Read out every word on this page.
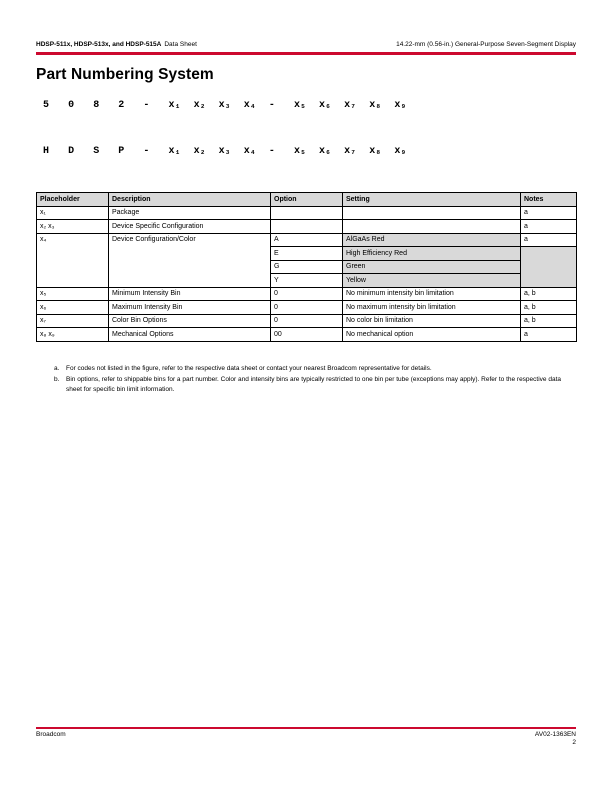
HDSP-511x, HDSP-513x, and HDSP-515A Data Sheet	14.22-mm (0.56-in.) General-Purpose Seven-Segment Display
Part Numbering System
5	0	8	2	-	x₁	x₂	x₃	x₄	-	x₅	x₆	x₇	x₈	x₉
H	D	S	P	-	x₁	x₂	x₃	x₄	-	x₅	x₆	x₇	x₈	x₉
Placeholder	Description	Option	Setting	Notes
x₁	Package			a
x₂ x₃	Device Specific Configuration			a
x₄	Device Configuration/Color	A	AlGaAs Red	a
		E	High Efficiency Red	
		G	Green	
		Y	Yellow	
x₅	Minimum Intensity Bin	0	No minimum intensity bin limitation	a, b
x₆	Maximum Intensity Bin	0	No maximum intensity bin limitation	a, b
x₇	Color Bin Options	0	No color bin limitation	a, b
x₈ x₉	Mechanical Options	00	No mechanical option	a
a.	For codes not listed in the figure, refer to the respective data sheet or contact your nearest Broadcom representative for details.
b.	Bin options, refer to shippable bins for a part number. Color and intensity bins are typically restricted to one bin per tube (exceptions may apply). Refer to the respective data sheet for specific bin limit information.
Broadcom	AV02-1363EN
2
